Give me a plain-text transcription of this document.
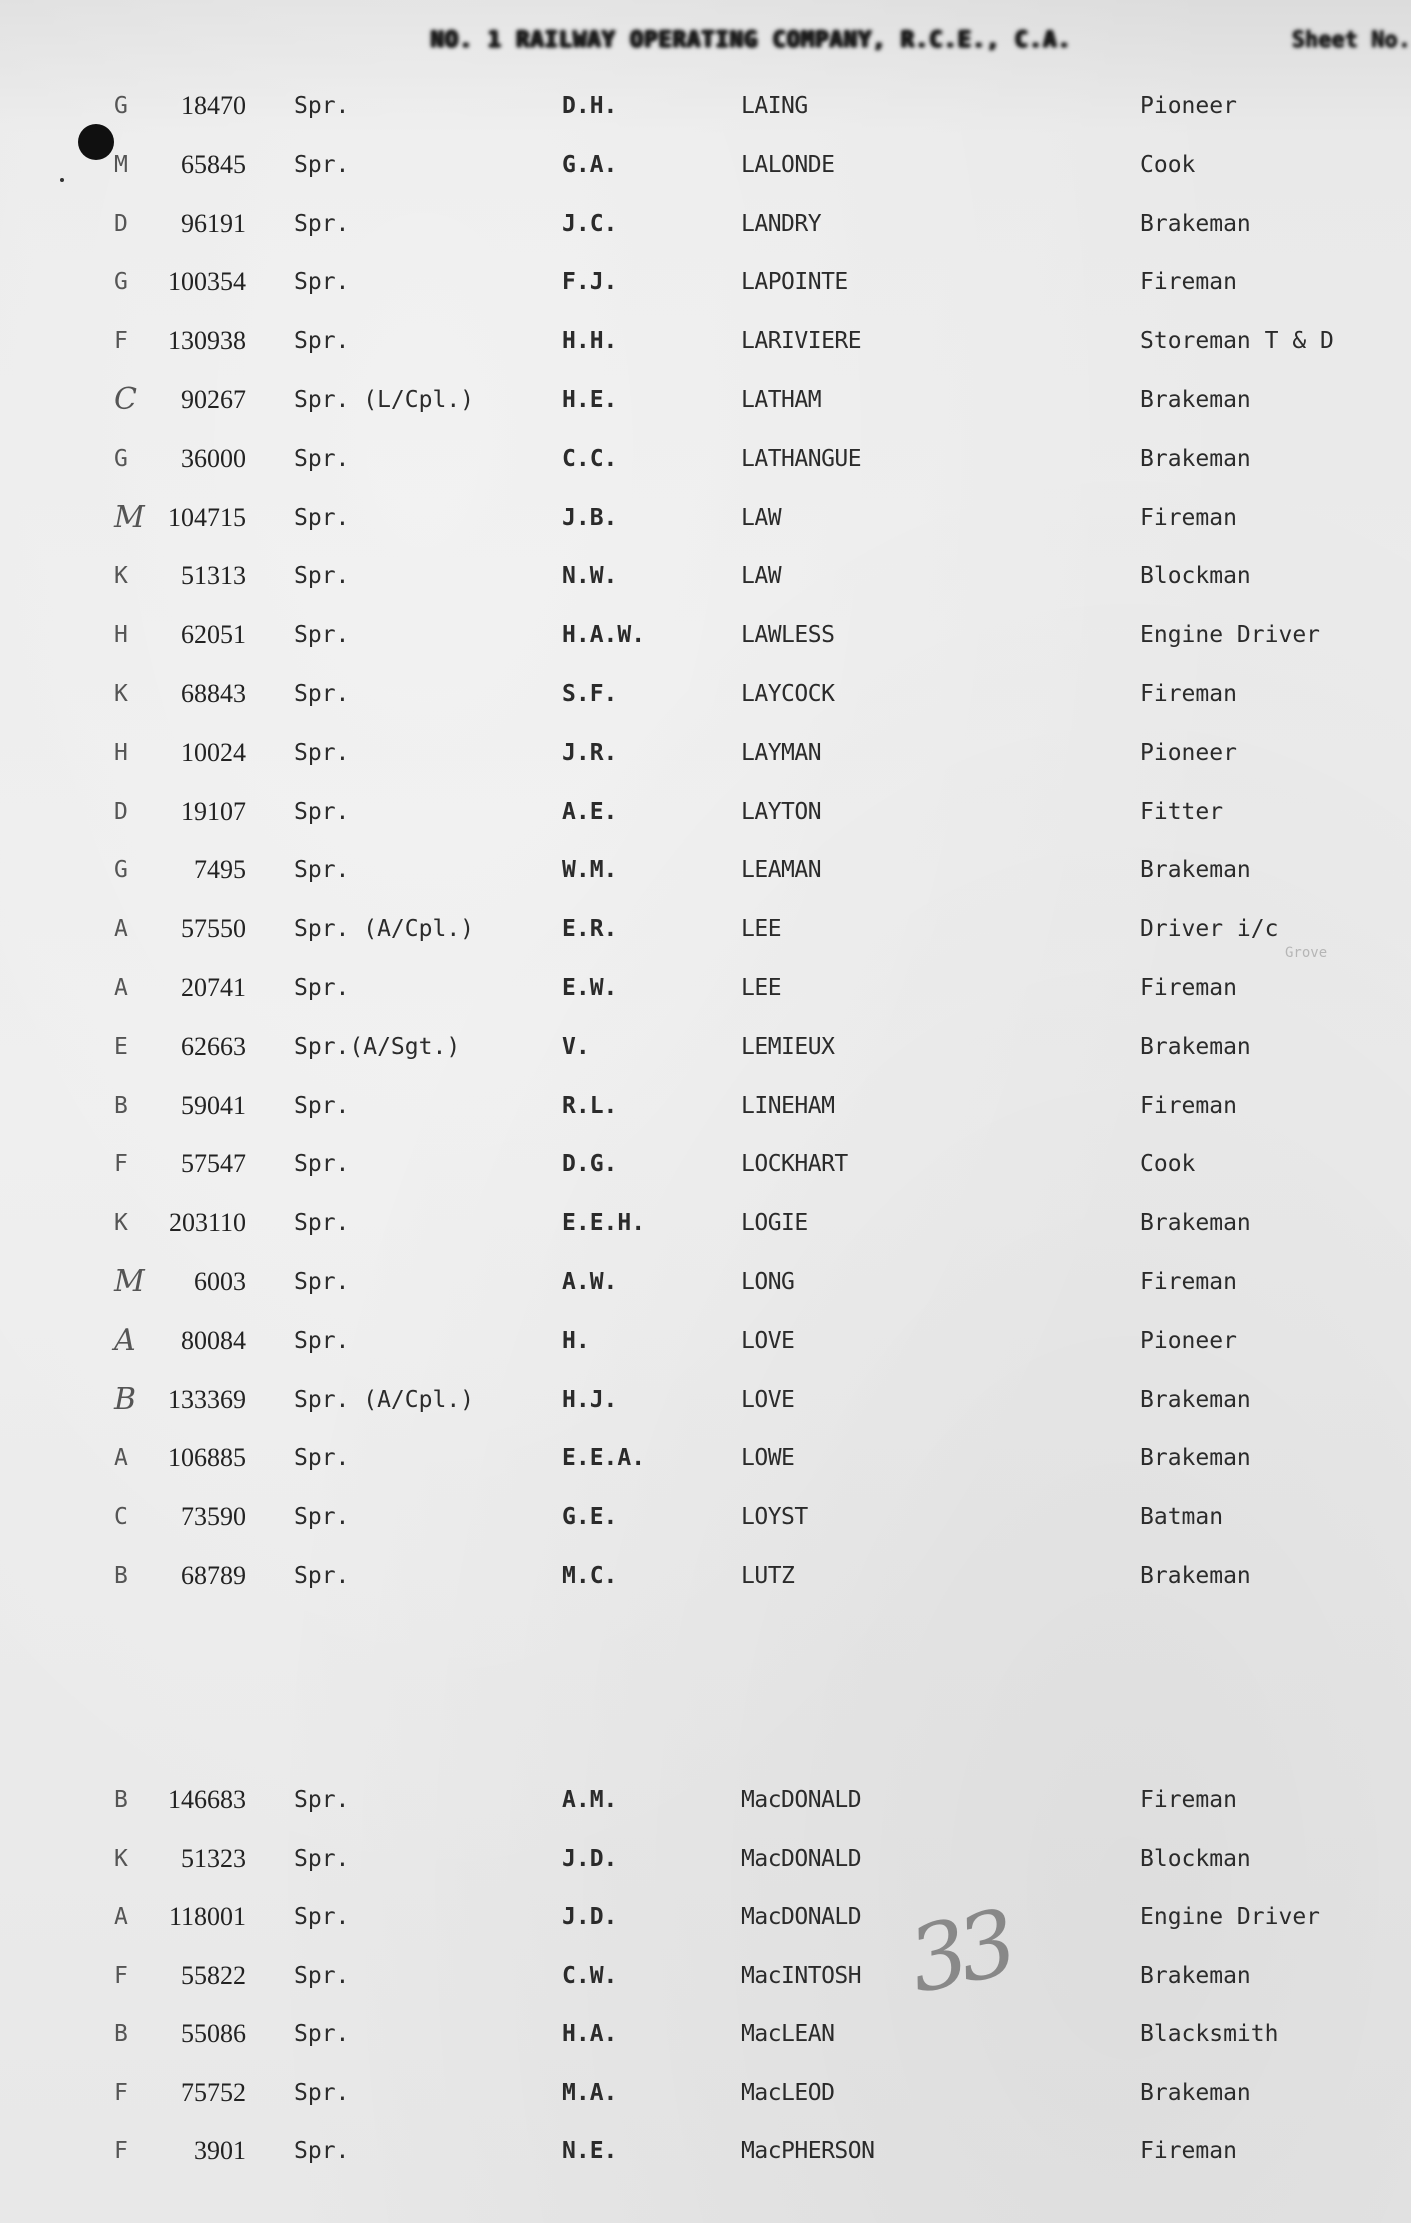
NO. 1 RAILWAY OPERATING COMPANY, R.C.E., C.A.	Sheet No.
Grove
G	18470 Spr.	D.H.	LAING	Pioneer
M	65845 Spr.	G.A.	LALONDE	Cook
D	96191 Spr.	J.C.	LANDRY	Brakeman
G	100354 Spr.	F.J.	LAPOINTE	Fireman
F	130938 Spr.	H.H.	LARIVIERE	Storeman T & D
C	90267 Spr. (L/Cpl.)	H.E.	LATHAM	Brakeman
G	36000 Spr.	C.C.	LATHANGUE	Brakeman
M 104715 Spr.	J.B.	LAW	Fireman
K	51313 Spr.	N.W.	LAW	Blockman
H	62051 Spr.	H.A.W.	LAWLESS	Engine Driver
K	68843 Spr.	S.F.	LAYCOCK	Fireman
H	10024 Spr.	J.R.	LAYMAN	Pioneer
D	19107 Spr.	A.E.	LAYTON	Fitter
G	7495 Spr.	W.M.	LEAMAN	Brakeman
A	57550 Spr. (A/Cpl.)	E.R.	LEE	Driver i/c
A	20741 Spr.	E.W.	LEE	Fireman
E	62663 Spr.(A/Sgt.)	V.	LEMIEUX	Brakeman
B	59041 Spr.	R.L.	LINEHAM	Fireman
F	57547 Spr.	D.G.	LOCKHART	Cook
K	203110 Spr.	E.E.H.	LOGIE	Brakeman
M	6003 Spr.	A.W.	LONG	Fireman
A	80084 Spr.	H.	LOVE	Pioneer
B	133369 Spr. (A/Cpl.)	H.J.	LOVE	Brakeman
A	106885 Spr.	E.E.A.	LOWE	Brakeman
C	73590 Spr.	G.E.	LOYST	Batman
B	68789 Spr.	M.C.	LUTZ	Brakeman
B	146683 Spr.	A.M.	MacDONALD	Fireman
K	51323 Spr.	J.D.	MacDONALD	Blockman
A	118001 Spr.	J.D.	MacDONALD	Engine Driver
F	55822 Spr.	C.W.	MacINTOSH	Brakeman
B	55086 Spr.	H.A.	MacLEAN	Blacksmith
F	75752 Spr.	M.A.	MacLEOD	Brakeman
F	3901 Spr.	N.E.	MacPHERSON	Fireman
33
